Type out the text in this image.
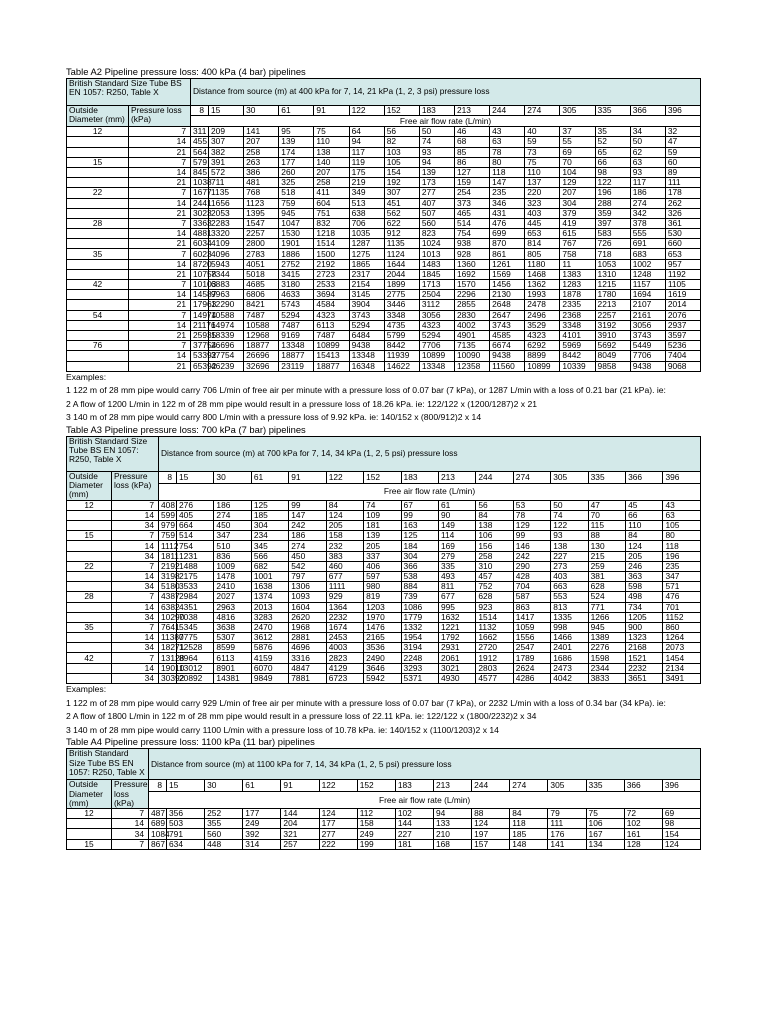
Table A2 Pipeline pressure loss: 400 kPa (4 bar) pipelines
British Standard Size Tube BS EN 1057: R250, Table X		Distance from source (m) at 400 kPa for 7, 14, 21 kPa (1, 2, 3 psi) pressure loss														
Outside Diameter (mm)	Pressure loss (kPa)	8	15	30	61	91	122	152	183	213	244	274	305	335	366	396
		Free air flow rate (L/min)														
12	7	311	209	141	95	75	64	56	50	46	43	40	37	35	34	32
	14	455	307	207	139	110	94	82	74	68	63	59	55	52	50	47
	21	564	382	258	174	138	117	103	93	85	78	73	69	65	62	59
15	7	579	391	263	177	140	119	105	94	86	80	75	70	66	63	60
	14	845	572	386	260	207	175	154	139	127	118	110	104	98	93	89
	21	1038	711	481	325	258	219	192	173	159	147	137	129	122	117	111
22	7	1677	1135	768	518	411	349	307	277	254	235	220	207	196	186	178
	14	2441	1656	1123	759	604	513	451	407	373	346	323	304	288	274	262
	21	3023	2053	1395	945	751	638	562	507	465	431	403	379	359	342	326
28	7	3363	2283	1547	1047	832	706	622	560	514	476	445	419	397	378	361
	14	4881	3320	2257	1530	1218	1035	912	823	754	699	653	615	583	555	530
	21	6034	4109	2800	1901	1514	1287	1135	1024	938	870	814	767	726	691	660
35	7	6023	4096	2783	1886	1500	1275	1124	1013	928	861	805	758	718	683	653
	14	8720	5943	4051	2752	2192	1865	1644	1483	1360	1261	1180	11	1053	1002	957
	21	10758	7344	5018	3415	2723	2317	2044	1845	1692	1569	1468	1383	1310	1248	1192
42	7	10103	6883	4685	3180	2533	2154	1899	1713	1570	1456	1362	1283	1215	1157	1105
	14	14587	9963	6806	4633	3694	3145	2775	2504	2296	2130	1993	1878	1780	1694	1619
	21	17963	12290	8421	5743	4584	3904	3446	3112	2855	2648	2478	2335	2213	2107	2014
54	7	14974	10588	7487	5294	4323	3743	3348	3056	2830	2647	2496	2368	2257	2161	2076
	14	21176	14974	10588	7487	6113	5294	4735	4323	4002	3743	3529	3348	3192	3056	2937
	21	25935	18339	12968	9169	7487	6484	5799	5294	4901	4585	4323	4101	3910	3743	3597
76	7	37754	26696	18877	13348	10899	9438	8442	7706	7135	6674	6292	5969	5692	5449	5236
	14	53392	37754	26696	18877	15413	13348	11939	10899	10090	9438	8899	8442	8049	7706	7404
	21	65392	46239	32696	23119	18877	16348	14622	13348	12358	11560	10899	10339	9858	9438	9068
Examples:
1 122 m of 28 mm pipe would carry 706 L/min of free air per minute with a pressure loss of 0.07 bar (7 kPa), or 1287 L/min with a loss of 0.21 bar (21 kPa). ie:
2 A flow of 1200 L/min in 122 m of 28 mm pipe would result in a pressure loss of 18.26 kPa. ie: 122/122 x (1200/1287)2 x 21
3 140 m of 28 mm pipe would carry 800 L/min with a pressure loss of 9.92 kPa. ie: 140/152 x (800/912)2 x 14
Table A3 Pipeline pressure loss: 700 kPa (7 bar) pipelines
British Standard Size Tube BS EN 1057: R250, Table X		Distance from source (m) at 700 kPa for 7, 14, 34 kPa (1, 2, 5 psi) pressure loss														
Outside Diameter (mm)	Pressure loss (kPa)	8	15	30	61	91	122	152	183	213	244	274	305	335	366	396
		Free air flow rate (L/min)														
12	7	408	276	186	125	99	84	74	67	61	56	53	50	47	45	43
	14	599	405	274	185	147	124	109	99	90	84	78	74	70	66	63
	34	979	664	450	304	242	205	181	163	149	138	129	122	115	110	105
15	7	759	514	347	234	186	158	139	125	114	106	99	93	88	84	80
	14	1112	754	510	345	274	232	205	184	169	156	146	138	130	124	118
	34	1811	1231	836	566	450	383	337	304	279	258	242	227	215	205	196
22	7	2192	1488	1009	682	542	460	406	366	335	310	290	273	259	246	235
	14	3198	2175	1478	1001	797	677	597	538	493	457	428	403	381	363	347
	34	5180	3533	2410	1638	1306	1111	980	884	811	752	704	663	628	598	571
28	7	4387	2984	2027	1374	1093	929	819	739	677	628	587	553	524	498	476
	14	6382	4351	2963	2013	1604	1364	1203	1086	995	923	863	813	771	734	701
	34	10290	7038	4816	3283	2620	2232	1970	1779	1632	1514	1417	1335	1266	1205	1152
35	7	7641	5345	3638	2470	1968	1674	1476	1332	1221	1132	1059	998	945	900	860
	14	11380	7775	5307	3612	2881	2453	2165	1954	1792	1662	1556	1466	1389	1323	1264
	34	18271	12528	8599	5876	4696	4003	3536	3194	2931	2720	2547	2401	2276	2168	2073
42	7	13128	8964	6113	4159	3316	2823	2490	2248	2061	1912	1789	1686	1598	1521	1454
	14	19010	13012	8901	6070	4847	4129	3646	3293	3021	2803	2624	2473	2344	2232	2134
	34	30392	20892	14381	9849	7881	6723	5942	5371	4930	4577	4286	4042	3833	3651	3491
Examples:
1 122 m of 28 mm pipe would carry 929 L/min of free air per minute with a pressure loss of 0.07 bar (7 kPa), or 2232 L/min with a loss of 0.34 bar (34 kPa). ie:
2 A flow of 1800 L/min in 122 m of 28 mm pipe would result in a pressure loss of 22.11 kPa. ie: 122/122 x (1800/2232)2 x 34
3 140 m of 28 mm pipe would carry 1100 L/min with a pressure loss of 10.78 kPa. ie: 140/152 x (1100/1203)2 x 14
Table A4 Pipeline pressure loss: 1100 kPa (11 bar) pipelines
British Standard Size Tube BS EN 1057: R250, Table X		Distance from source (m) at 1100 kPa for 7, 14, 34 kPa (1, 2, 5 psi) pressure loss														
Outside Diameter (mm)	Pressure loss (kPa)	8	15	30	61	91	122	152	183	213	244	274	305	335	366	396
		Free air flow rate (L/min)														
12	7	487	356	252	177	144	124	112	102	94	88	84	79	75	72	69
	14	689	503	355	249	204	177	158	144	133	124	118	111	106	102	98
	34	1084	791	560	392	321	277	249	227	210	197	185	176	167	161	154
15	7	867	634	448	314	257	222	199	181	168	157	148	141	134	128	124
